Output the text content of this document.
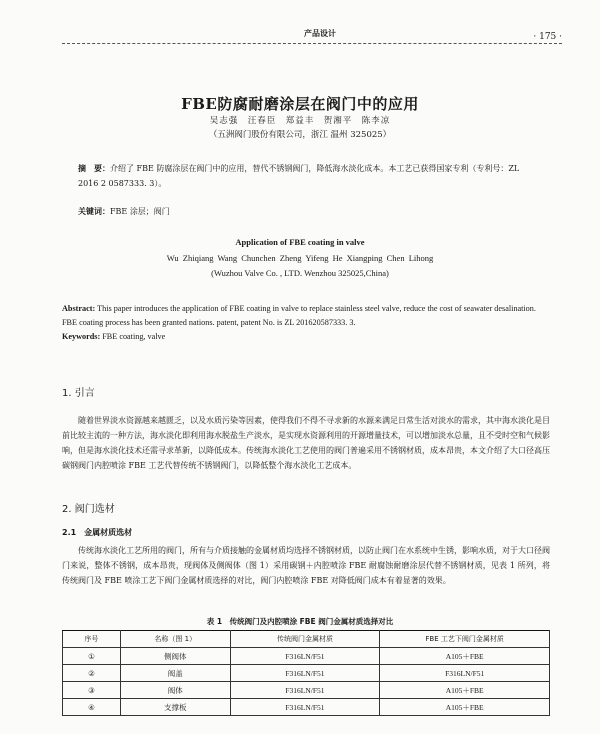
产品设计	· 175 ·
FBE防腐耐磨涂层在阀门中的应用
吴志强　汪春臣　郑益丰　贺湘平　陈李凉
（五洲阀门股份有限公司，浙江 温州 325025）
摘　要：介绍了 FBE 防腐涂层在阀门中的应用，替代不锈钢阀门，降低海水淡化成本。本工艺已获得国家专利（专利号：ZL 2016 2 0587333. 3）。
关键词：FBE 涂层；阀门
Application of FBE coating in valve
Wu Zhiqiang Wang Chunchen Zheng Yifeng He Xiangping Chen Lihong
(Wuzhou Valve Co. , LTD. Wenzhou 325025,China)
Abstract: This paper introduces the application of FBE coating in valve to replace stainless steel valve, reduce the cost of seawater desalination.
FBE coating process has been granted nations. patent, patent No. is ZL 201620587333. 3.
Keywords: FBE coating, valve
1. 引言
随着世界淡水资源越来越匮乏，以及水质污染等因素，使得我们不得不寻求新的水源来满足日常生活对淡水的需求，其中海水淡化是目前比较主流的一种方法，海水淡化即利用海水脱盐生产淡水，是实现水资源利用的开源增量技术，可以增加淡水总量，且不受时空和气候影响，但是海水淡化技术还需寻求革新，以降低成本。传统海水淡化工艺使用的阀门普遍采用不锈钢材质，成本昂贵，本文介绍了大口径高压碳钢阀门内腔喷涂 FBE 工艺代替传统不锈钢阀门，以降低整个海水淡化工艺成本。
2. 阀门选材
2.1　金属材质选材
传统海水淡化工艺所用的阀门，所有与介质接触的金属材质均选择不锈钢材质，以防止阀门在水系统中生锈，影响水质，对于大口径阀门来说，整体不锈钢，成本昂贵，现阀体及侧阀体（图 1）采用碳钢＋内腔喷涂 FBE 耐腐蚀耐磨涂层代替不锈钢材质，见表 1 所列，将传统阀门及 FBE 喷涂工艺下阀门金属材质选择的对比，阀门内腔喷涂 FBE 对降低阀门成本有着显著的效果。
表 1　传统阀门及内腔喷涂 FBE 阀门金属材质选择对比
序号	名称（图 1）	传统阀门金属材质	FBE 工艺下阀门金属材质
①	侧阀体	F316LN/F51	A105＋FBE
②	阀盖	F316LN/F51	F316LN/F51
③	阀体	F316LN/F51	A105＋FBE
④	支撑板	F316LN/F51	A105＋FBE
